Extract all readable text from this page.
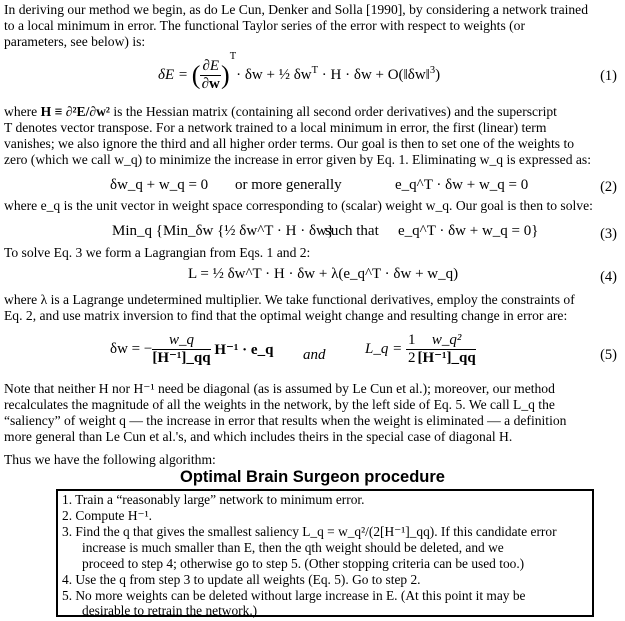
In deriving our method we begin, as do Le Cun, Denker and Solla [1990], by considering a network trained
to a local minimum in error. The functional Taylor series of the error with respect to weights (or
parameters, see below) is:
δE = ( $\frac{\partial E}{\partial w} )^T\cdot \delta w$ + ½ $\delta w^T \cdot H \cdot \delta w$ + O(‖δw‖$^3$)	(1)
where H ≡ ∂²E/∂w² is the Hessian matrix (containing all second order derivatives) and the superscript
T denotes vector transpose. For a network trained to a local minimum in error, the first (linear) term
vanishes; we also ignore the third and all higher order terms. Our goal is then to set one of the weights to
zero (which we call w_q) to minimize the increase in error given by Eq. 1. Eliminating w_q is expressed as:
δw_q + w_q = 0 or more generally	e_q^T · δw + w_q = 0	(2)
where e_q is the unit vector in weight space corresponding to (scalar) weight w_q. Our goal is then to solve:
Min_q {Min_δw {½ δw^T · H · δw}
such that e_q^T · δw + w_q = 0}	(3)
To solve Eq. 3 we form a Lagrangian from Eqs. 1 and 2:
L = ½ δw^T · H · δw + λ(e_q^T · δw + w_q)	(4)
where λ is a Lagrange undetermined multiplier. We take functional derivatives, employ the constraints of
Eq. 2, and use matrix inversion to find that the optimal weight change and resulting change in error are:
δw = − $\frac{w\_q}{\text{[H⁻¹]\_qq}} H^{-1}$ · e_q and	L_q = $\frac{1}{2} \frac{\text{w\_q²}}{\text{[H⁻¹]\_qq}}$	(5)
Note that neither H nor H⁻¹ need be diagonal (as is assumed by Le Cun et al.); moreover, our method
recalculates the magnitude of all the weights in the network, by the left side of Eq. 5. We call L_q the
“saliency” of weight q — the increase in error that results when the weight is eliminated — a definition
more general than Le Cun et al.'s, and which includes theirs in the special case of diagonal H.
Thus we have the following algorithm:
Optimal Brain Surgeon procedure
1. Train a “reasonably large” network to minimum error.
2. Compute H⁻¹.
3. Find the q that gives the smallest saliency L_q = w_q²/(2[H⁻¹]_qq). If this candidate error
increase is much smaller than E, then the qth weight should be deleted, and we
proceed to step 4; otherwise go to step 5. (Other stopping criteria can be used too.)
4. Use the q from step 3 to update all weights (Eq. 5). Go to step 2.
5. No more weights can be deleted without large increase in E. (At this point it may be
desirable to retrain the network.)
